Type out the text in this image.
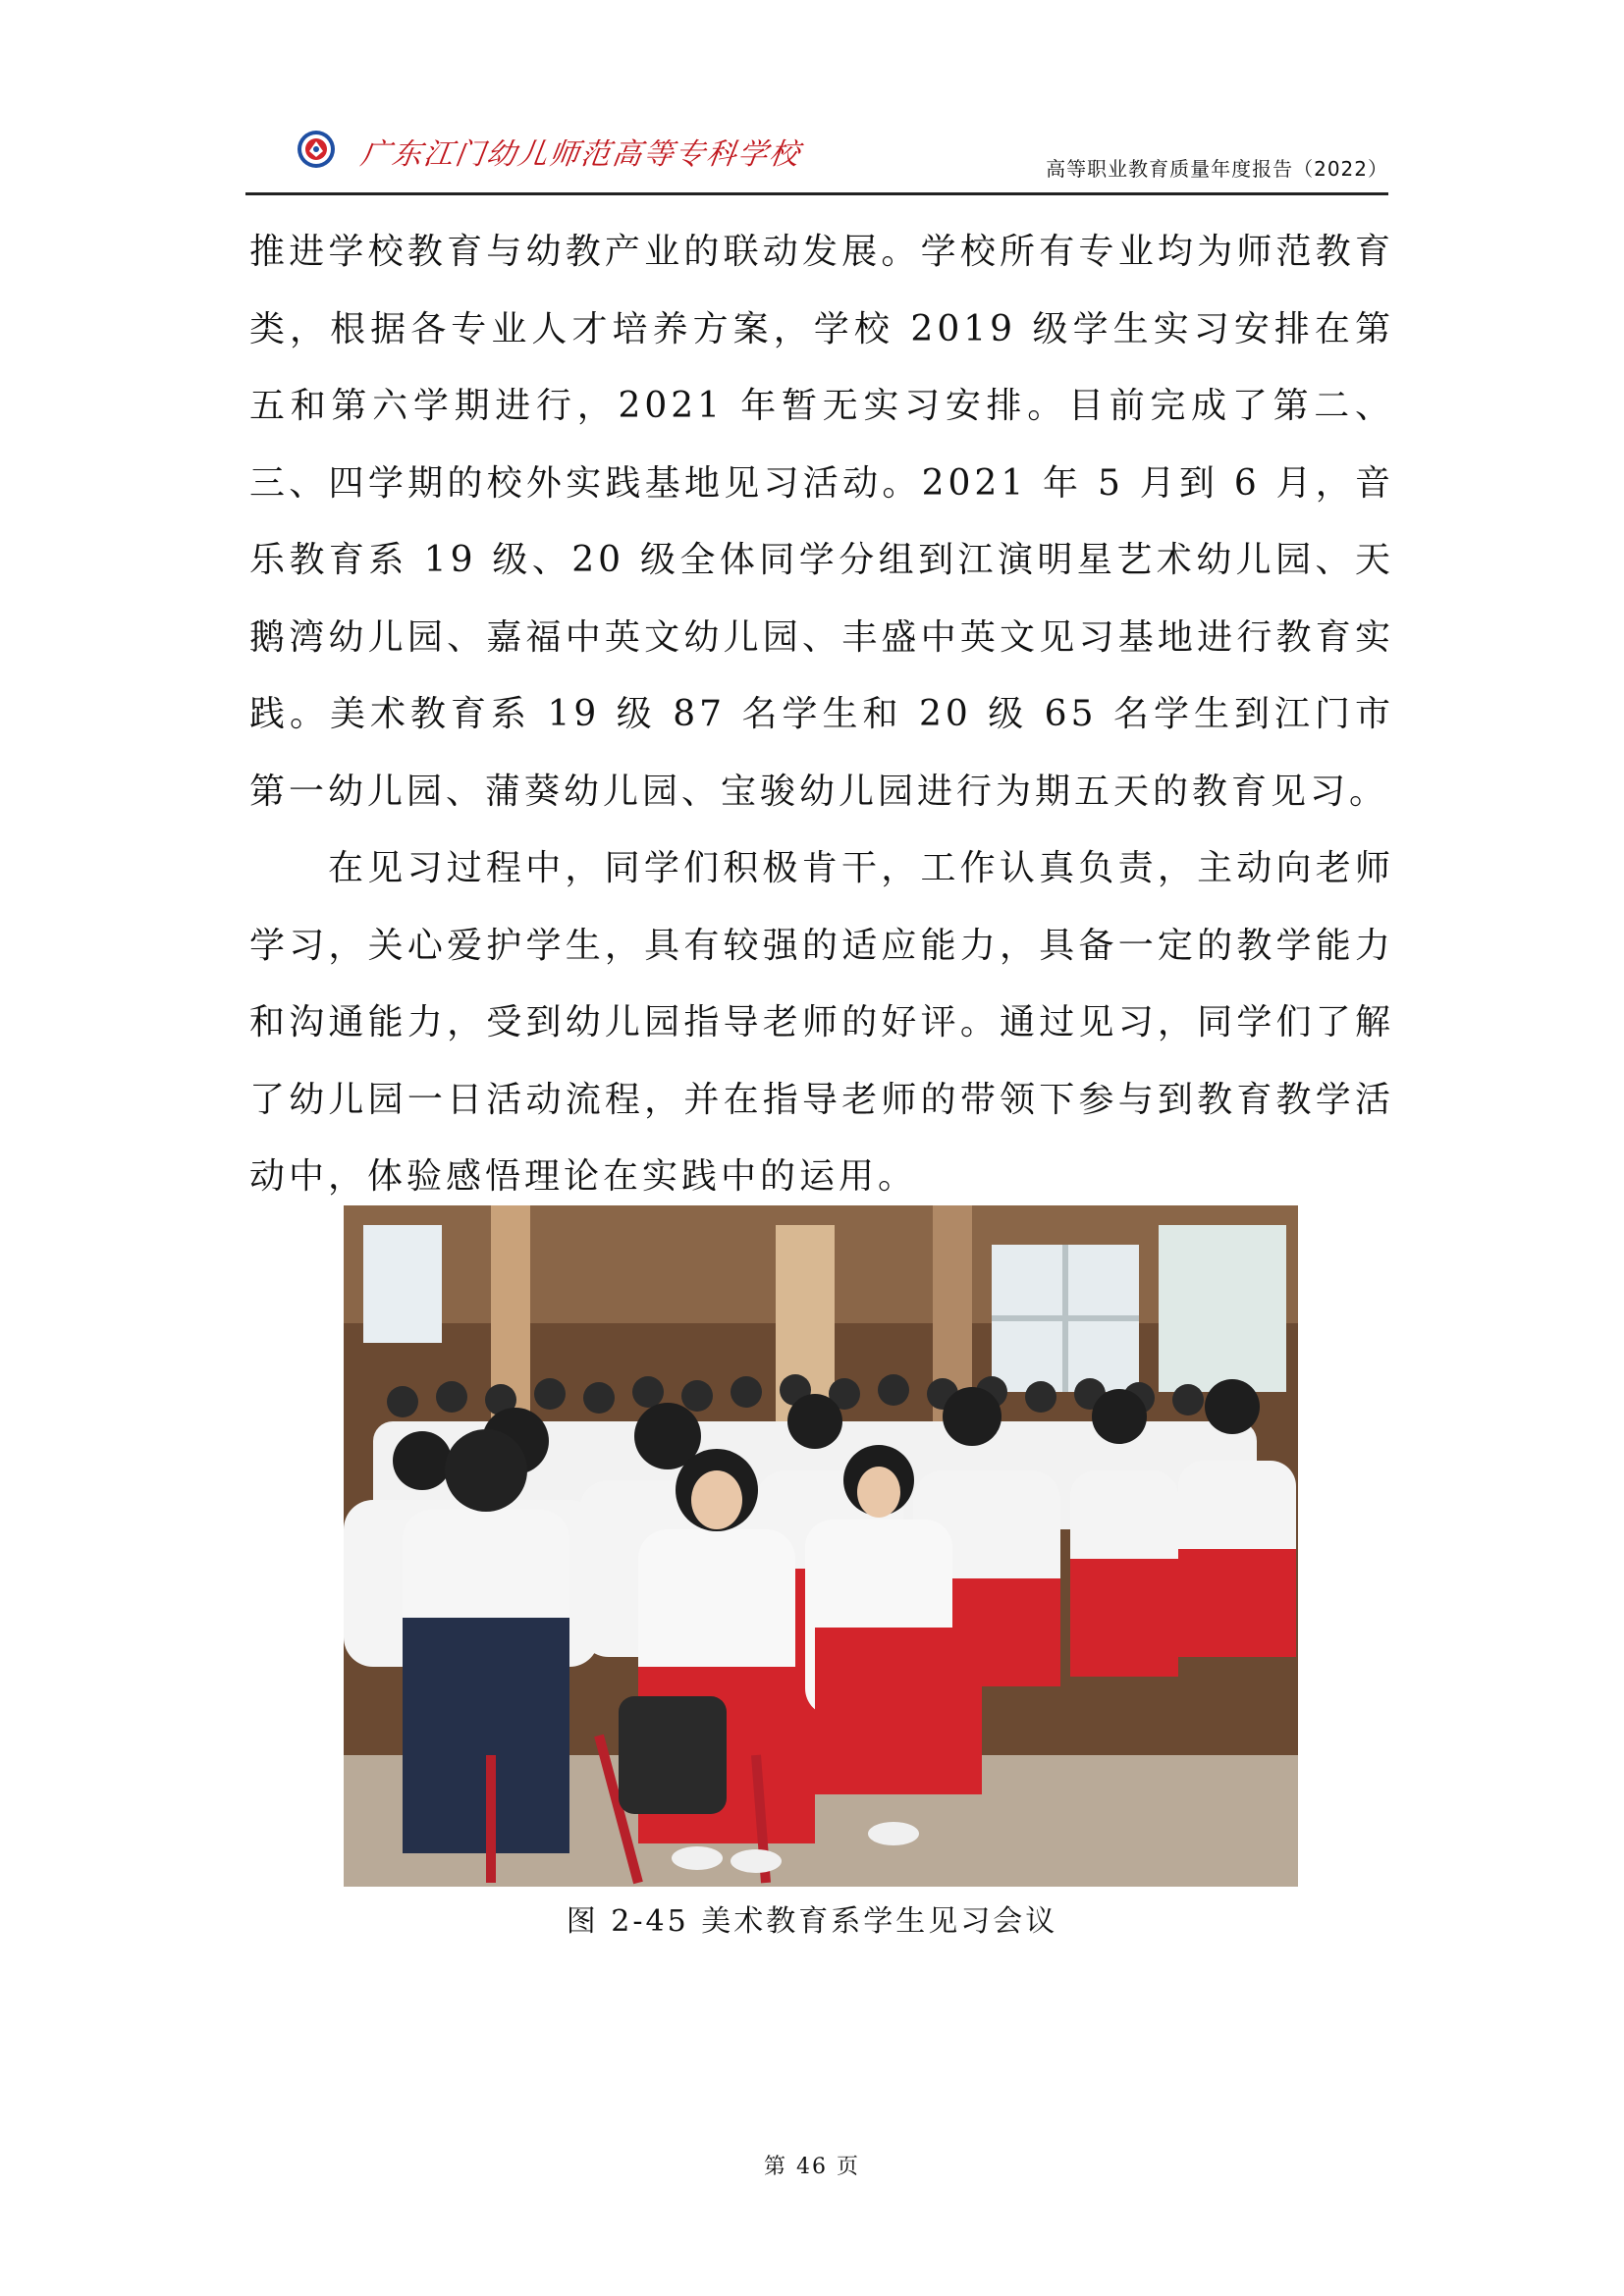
广东江门幼儿师范高等专科学校	高等职业教育质量年度报告（2022）

推进学校教育与幼教产业的联动发展。学校所有专业均为师范教育类，根据各专业人才培养方案，学校 2019 级学生实习安排在第五和第六学期进行，2021 年暂无实习安排。目前完成了第二、三、四学期的校外实践基地见习活动。2021 年 5 月到 6 月，音乐教育系 19 级、20 级全体同学分组到江演明星艺术幼儿园、天鹅湾幼儿园、嘉福中英文幼儿园、丰盛中英文见习基地进行教育实践。美术教育系 19 级 87 名学生和 20 级 65 名学生到江门市第一幼儿园、蒲葵幼儿园、宝骏幼儿园进行为期五天的教育见习。

在见习过程中，同学们积极肯干，工作认真负责，主动向老师学习，关心爱护学生，具有较强的适应能力，具备一定的教学能力和沟通能力，受到幼儿园指导老师的好评。通过见习，同学们了解了幼儿园一日活动流程，并在指导老师的带领下参与到教育教学活动中，体验感悟理论在实践中的运用。

图 2-45 美术教育系学生见习会议
第 46 页
